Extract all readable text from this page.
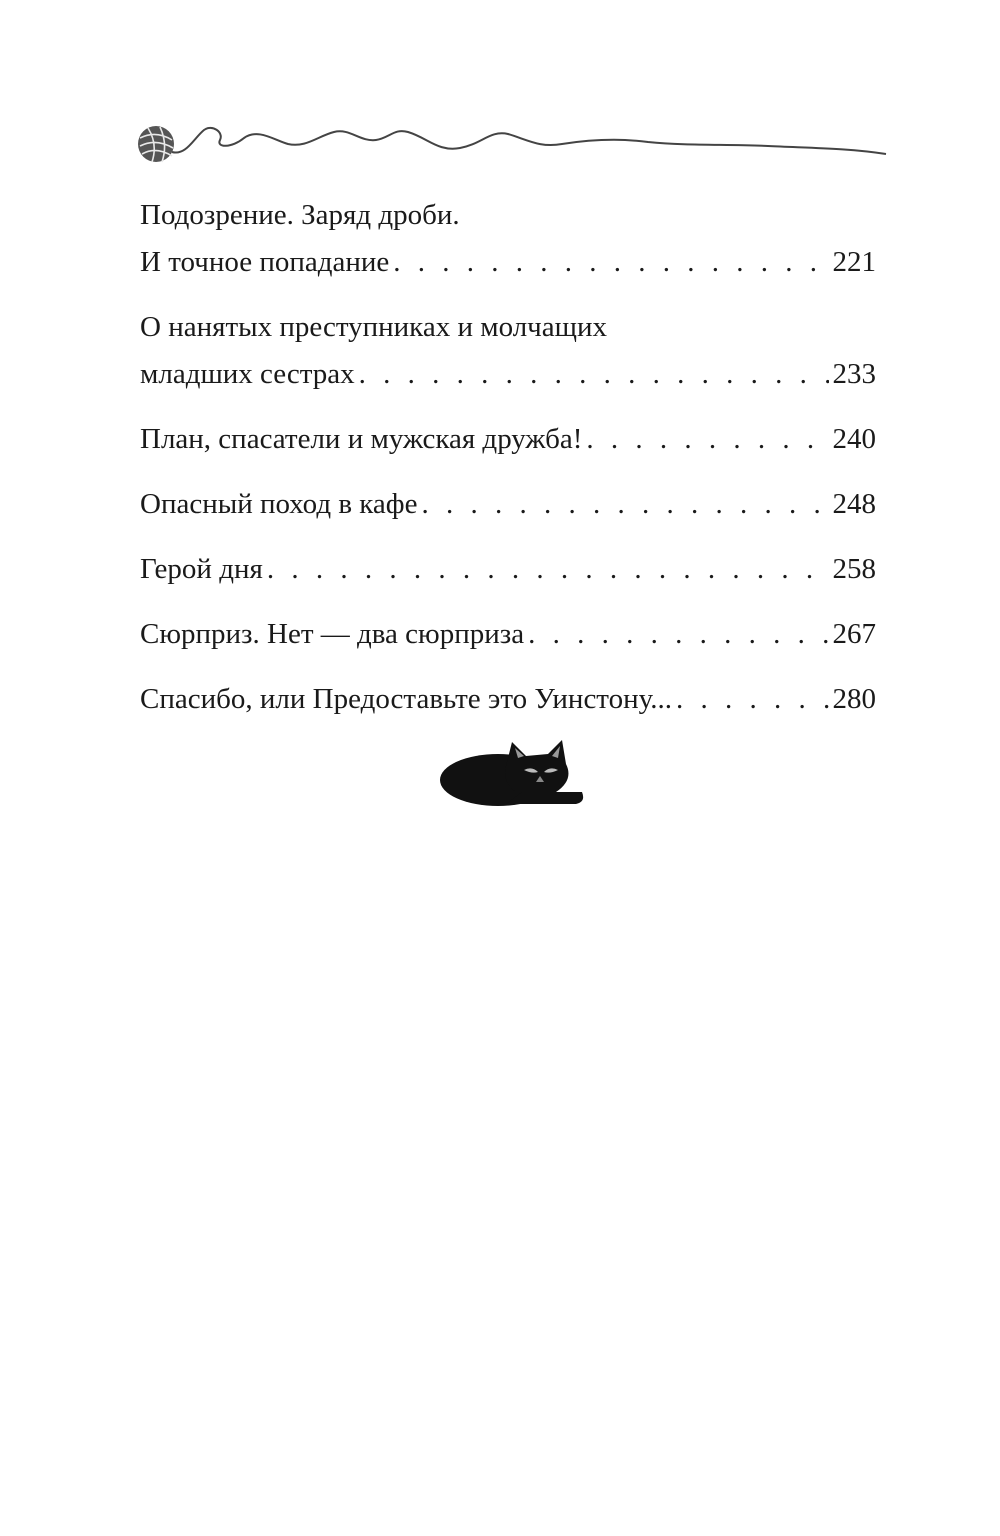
Подозрение. Заряд дроби.
И точное попадание . . .	221
О нанятых преступниках и молчащих
младших сестрах . . .	233
План, спасатели и мужская дружба! . . .	240
Опасный поход в кафе . . .	248
Герой дня . . .	258
Сюрприз. Нет — два сюрприза . . .	267
Спасибо, или Предоставьте это Уинстону... . . .	280
